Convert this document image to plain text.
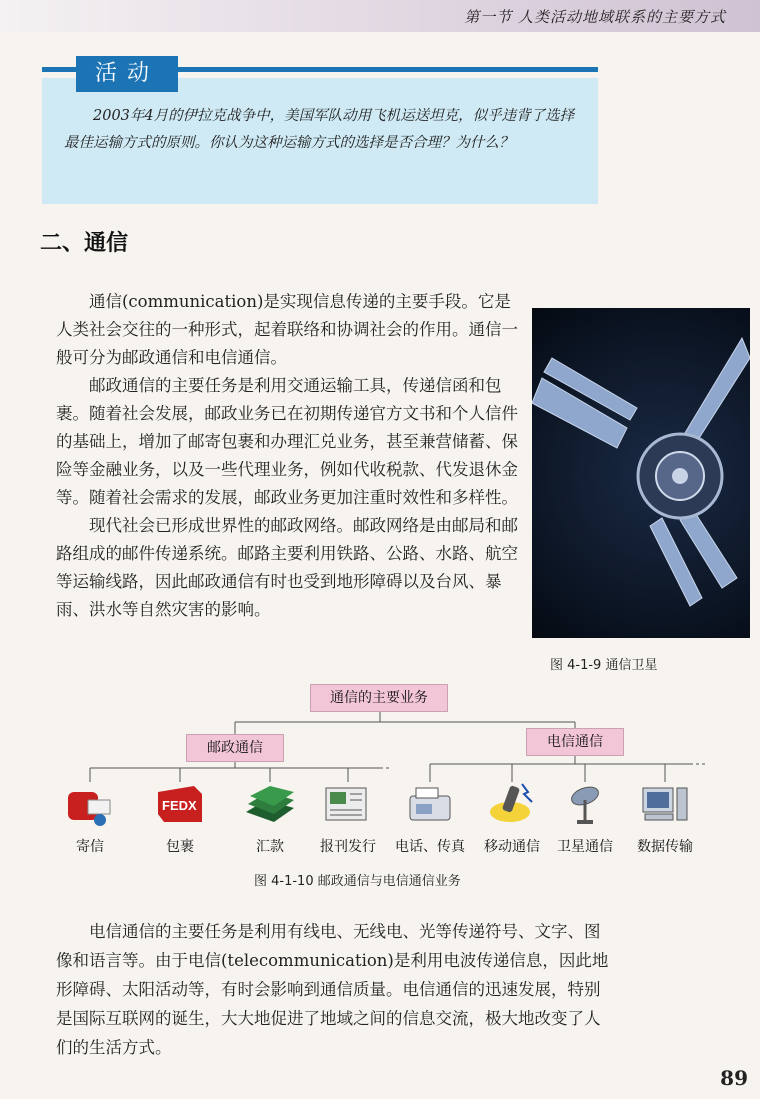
第一节 人类活动地域联系的主要方式
活动

2003年4月的伊拉克战争中，美国军队动用飞机运送坦克，似乎违背了选择最佳运输方式的原则。你认为这种运输方式的选择是否合理？为什么？

二、通信

通信(communication)是实现信息传递的主要手段。它是人类社会交往的一种形式，起着联络和协调社会的作用。通信一般可分为邮政通信和电信通信。

邮政通信的主要任务是利用交通运输工具，传递信函和包裹。随着社会发展，邮政业务已在初期传递官方文书和个人信件的基础上，增加了邮寄包裹和办理汇兑业务，甚至兼营储蓄、保险等金融业务，以及一些代理业务，例如代收税款、代发退休金等。随着社会需求的发展，邮政业务更加注重时效性和多样性。

现代社会已形成世界性的邮政网络。邮政网络是由邮局和邮路组成的邮件传递系统。邮路主要利用铁路、公路、水路、航空等运输线路，因此邮政通信有时也受到地形障碍以及台风、暴雨、洪水等自然灾害的影响。

图 4-1-9 通信卫星
通信的主要业务
邮政通信	电信通信
寄信
FEDX
包裹	汇款	报刊发行	电话、传真	移动通信	卫星通信	数据传输
图 4-1-10 邮政通信与电信通信业务

电信通信的主要任务是利用有线电、无线电、光等传递符号、文字、图像和语言等。由于电信(telecommunication)是利用电波传递信息，因此地形障碍、太阳活动等，有时会影响到通信质量。电信通信的迅速发展，特别是国际互联网的诞生，大大地促进了地域之间的信息交流，极大地改变了人们的生活方式。

89
